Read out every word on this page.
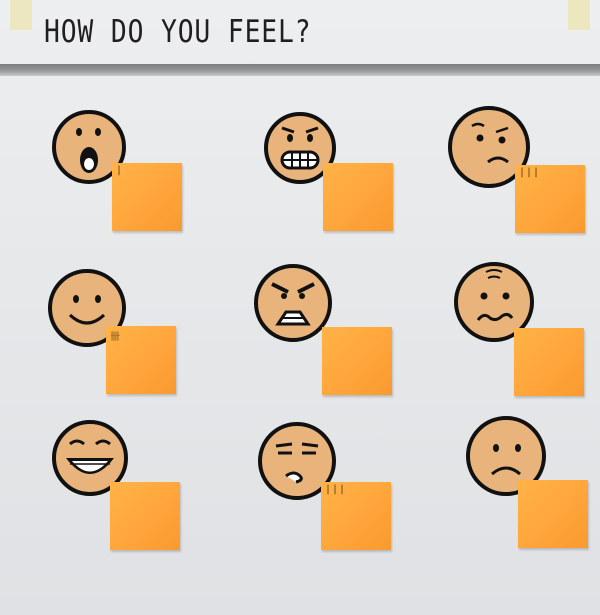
HOW DO YOU FEEL?
|	|||
卌
|||
